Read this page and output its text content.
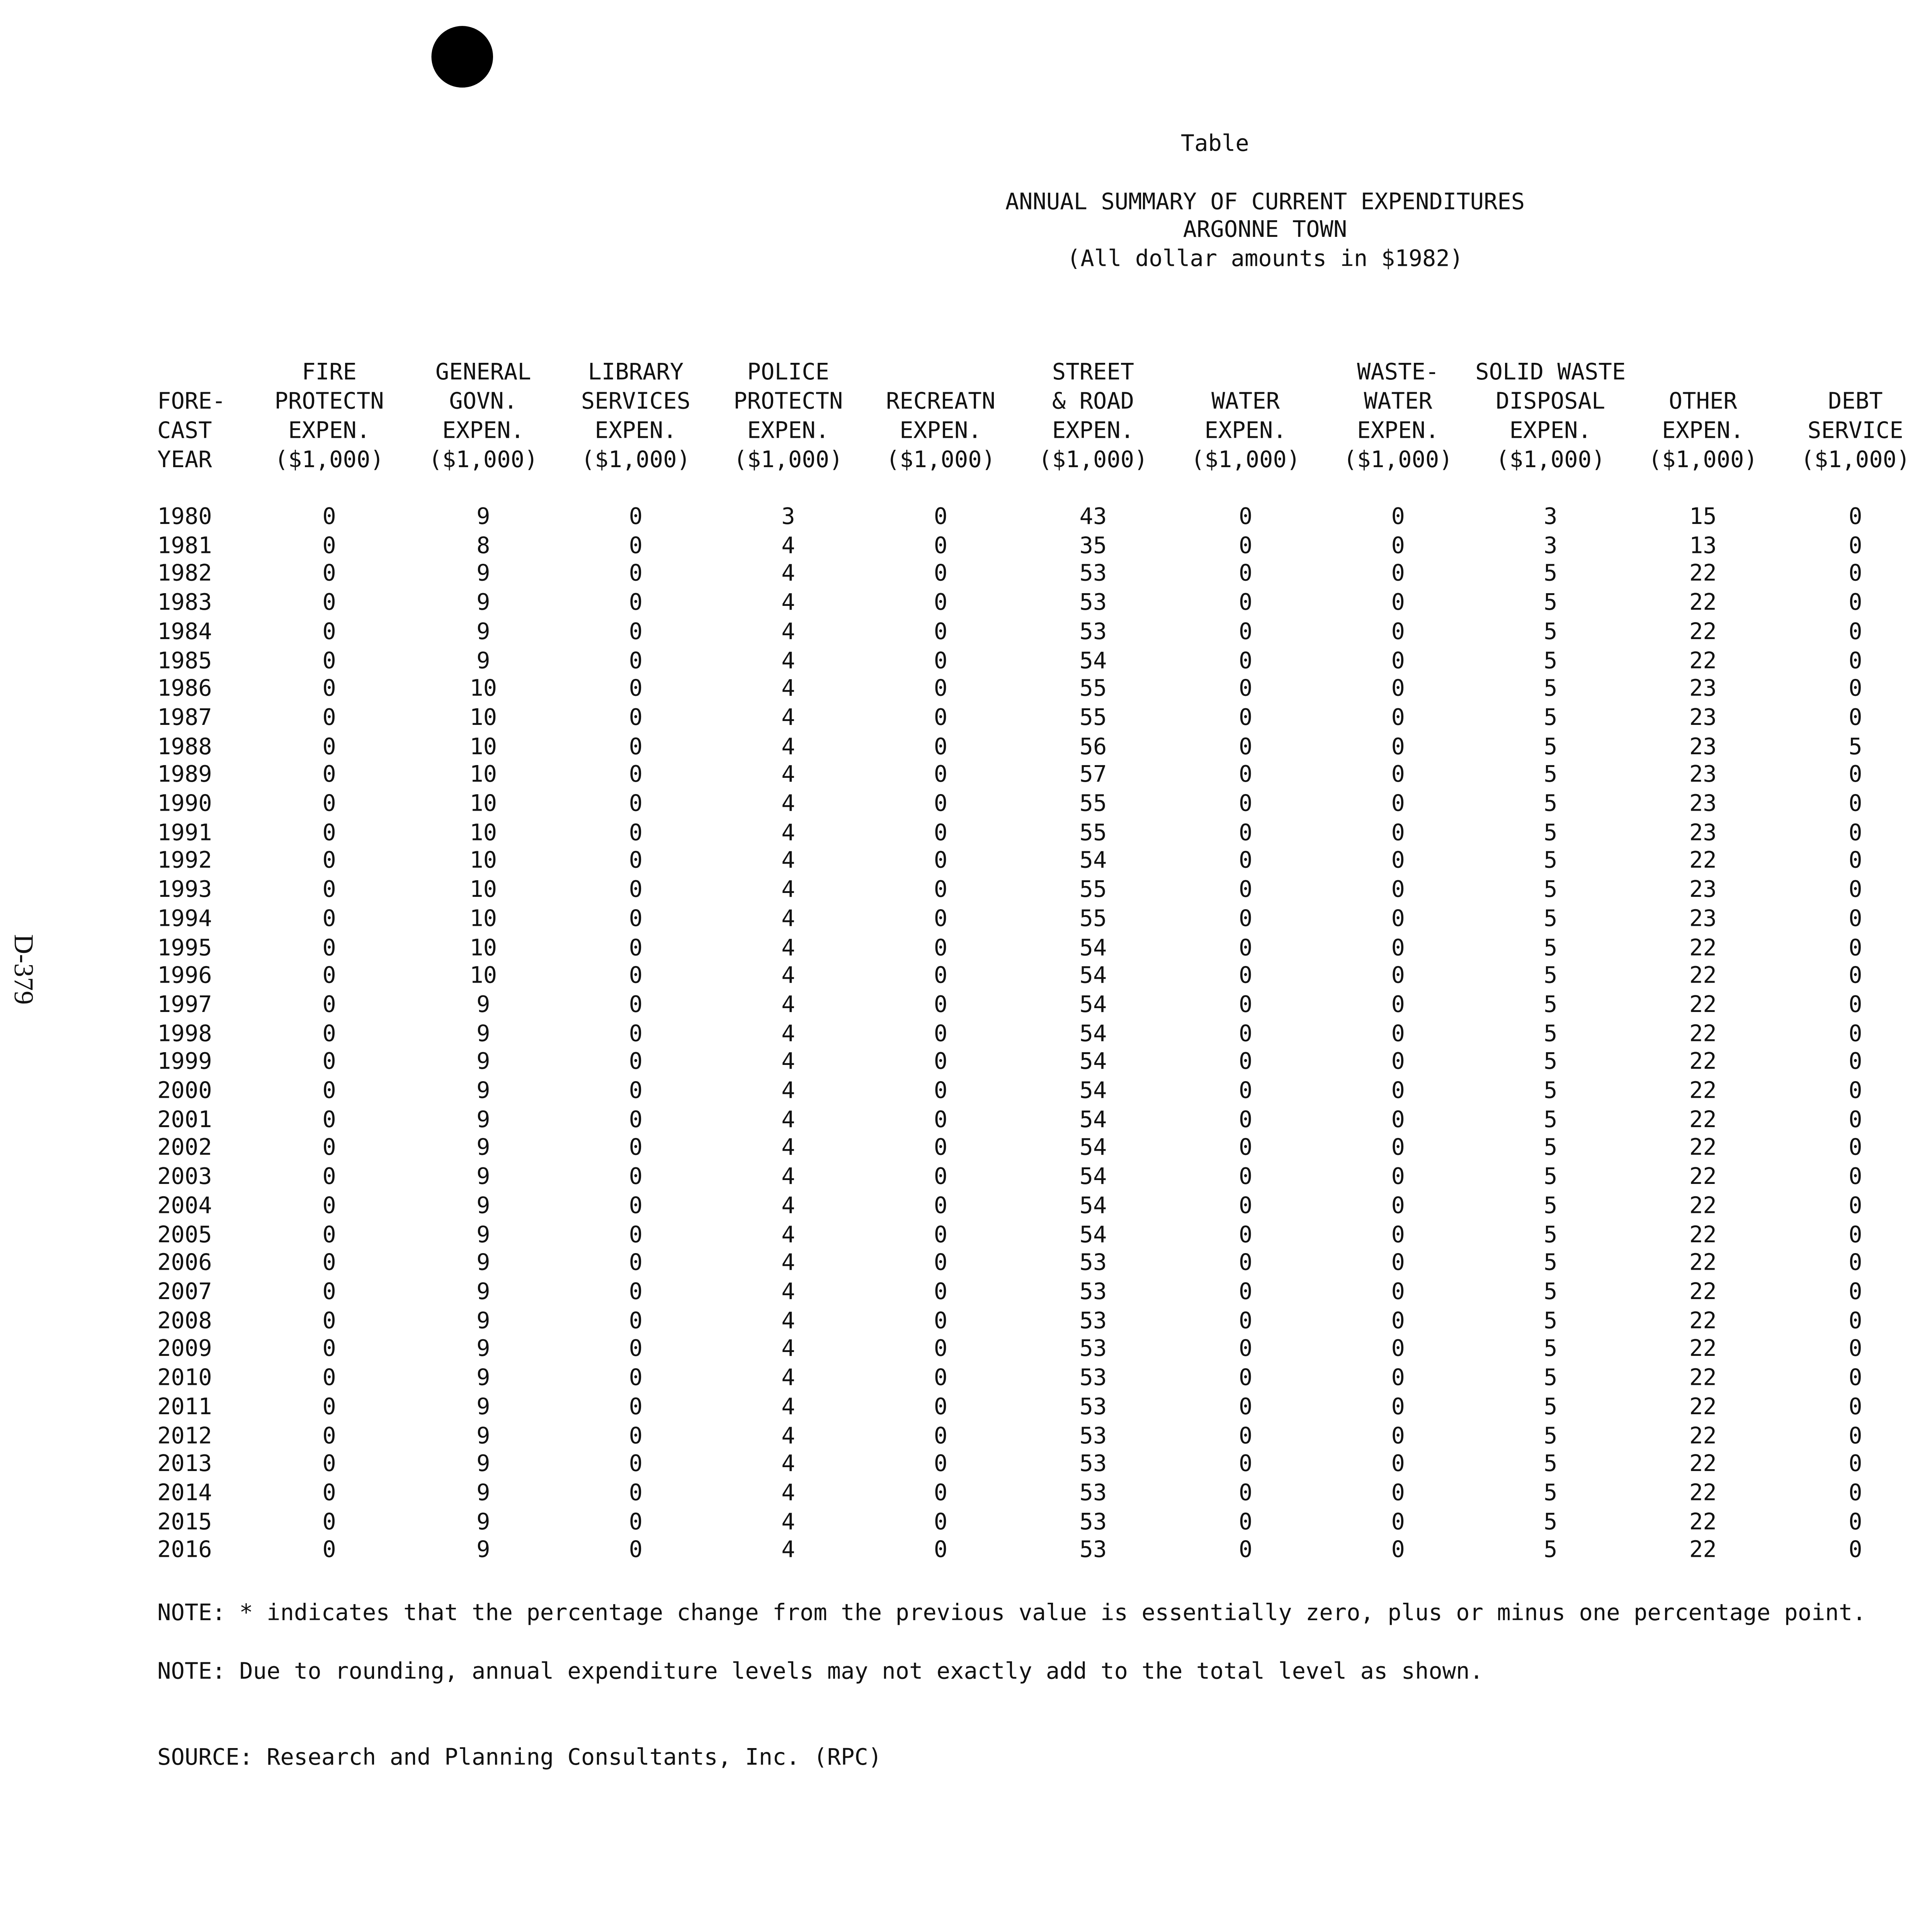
Table
ANNUAL SUMMARY OF CURRENT EXPENDITURES
ARGONNE TOWN
(All dollar amounts in $1982)
D-379
	FIRE	GENERAL	LIBRARY	POLICE		STREET		WASTE-	SOLID WASTE						
FORE-	PROTECTN	GOVN.	SERVICES	PROTECTN	RECREATN	& ROAD	WATER	WATER	DISPOSAL	OTHER	DEBT			
CAST	EXPEN.	EXPEN.	EXPEN.	EXPEN.	EXPEN.	EXPEN.	EXPEN.	EXPEN.	EXPEN.	EXPEN.	SERVICE			
YEAR	($1,000)	($1,000)	($1,000)	($1,000)	($1,000)	($1,000)	($1,000)	($1,000)	($1,000)	($1,000)	($1,000)			

1980	0	9	0	3	0	43	0	0	3	15	0				
1981	0	8	0	4	0	35	0	0	3	13	0				
1982	0	9	0	4	0	53	0	0	5	22	0				
1983	0	9	0	4	0	53	0	0	5	22	0				
1984	0	9	0	4	0	53	0	0	5	22	0				
1985	0	9	0	4	0	54	0	0	5	22	0				
1986	0	10	0	4	0	55	0	0	5	23	0				
1987	0	10	0	4	0	55	0	0	5	23	0				
1988	0	10	0	4	0	56	0	0	5	23	5				
1989	0	10	0	4	0	57	0	0	5	23	0				
1990	0	10	0	4	0	55	0	0	5	23	0				
1991	0	10	0	4	0	55	0	0	5	23	0				
1992	0	10	0	4	0	54	0	0	5	22	0				
1993	0	10	0	4	0	55	0	0	5	23	0				
1994	0	10	0	4	0	55	0	0	5	23	0				
1995	0	10	0	4	0	54	0	0	5	22	0				
1996	0	10	0	4	0	54	0	0	5	22	0				
1997	0	9	0	4	0	54	0	0	5	22	0				
1998	0	9	0	4	0	54	0	0	5	22	0				
1999	0	9	0	4	0	54	0	0	5	22	0				
2000	0	9	0	4	0	54	0	0	5	22	0				
2001	0	9	0	4	0	54	0	0	5	22	0				
2002	0	9	0	4	0	54	0	0	5	22	0				
2003	0	9	0	4	0	54	0	0	5	22	0				
2004	0	9	0	4	0	54	0	0	5	22	0				
2005	0	9	0	4	0	54	0	0	5	22	0				
2006	0	9	0	4	0	53	0	0	5	22	0				
2007	0	9	0	4	0	53	0	0	5	22	0				
2008	0	9	0	4	0	53	0	0	5	22	0				
2009	0	9	0	4	0	53	0	0	5	22	0				
2010	0	9	0	4	0	53	0	0	5	22	0				
2011	0	9	0	4	0	53	0	0	5	22	0				
2012	0	9	0	4	0	53	0	0	5	22	0				
2013	0	9	0	4	0	53	0	0	5	22	0				
2014	0	9	0	4	0	53	0	0	5	22	0				
2015	0	9	0	4	0	53	0	0	5	22	0				
2016	0	9	0	4	0	53	0	0	5	22	0				
NOTE: * indicates that the percentage change from the previous value is essentially zero, plus or minus one percentage point.
NOTE: Due to rounding, annual expenditure levels may not exactly add to the total level as shown.
SOURCE: Research and Planning Consultants, Inc. (RPC)
